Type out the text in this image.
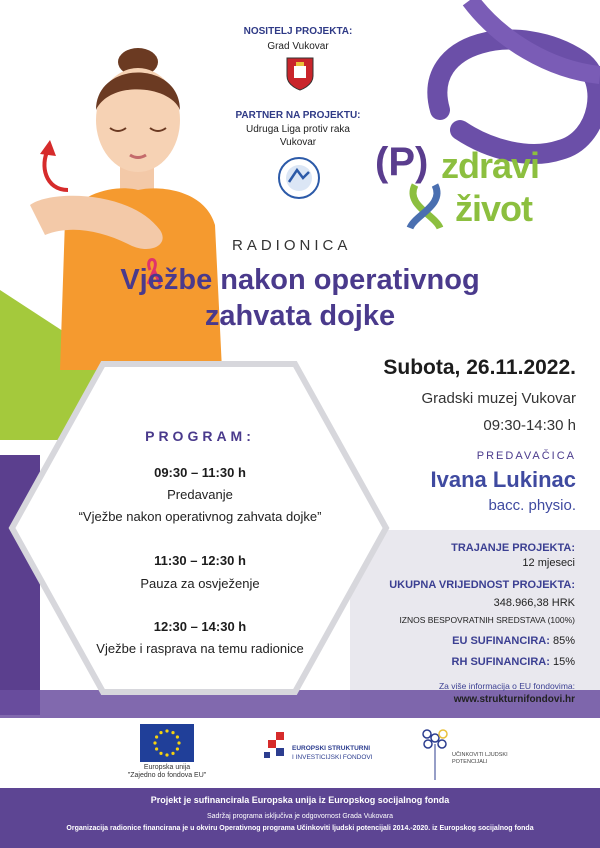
NOSITELJ PROJEKTA:
Grad Vukovar
PARTNER NA PROJEKTU:
Udruga Liga protiv raka
Vukovar	(P) zdravi
život
RADIONICA
Vježbe nakon operativnog
zahvata dojke
PROGRAM:
09:30 – 11:30 h
Predavanje
“Vježbe nakon operativnog zahvata dojke”
11:30 – 12:30 h
Pauza za osvježenje
12:30 – 14:30 h
Vježbe i rasprava na temu radionice
Subota, 26.11.2022.
Gradski muzej Vukovar
09:30-14:30 h
PREDAVAČICA
Ivana Lukinac
bacc. physio.
TRAJANJE PROJEKTA:
12 mjeseci
UKUPNA VRIJEDNOST PROJEKTA:
348.966,38 HRK
IZNOS BESPOVRATNIH SREDSTAVA (100%)
EU SUFINANCIRA: 85%
RH SUFINANCIRA: 15%
Za više informacija o EU fondovima:
www.strukturnifondovi.hr
Europska unija
"Zajedno do fondova EU"
EUROPSKI STRUKTURNI
I INVESTICIJSKI FONDOVI	UČINKOVITI LJUDSKI POTENCIJALI
Projekt je sufinancirala Europska unija iz Europskog socijalnog fonda
Sadržaj programa isključiva je odgovornost Grada Vukovara
Organizacija radionice financirana je u okviru Operativnog programa Učinkoviti ljudski potencijali 2014.-2020. iz Europskog socijalnog fonda
